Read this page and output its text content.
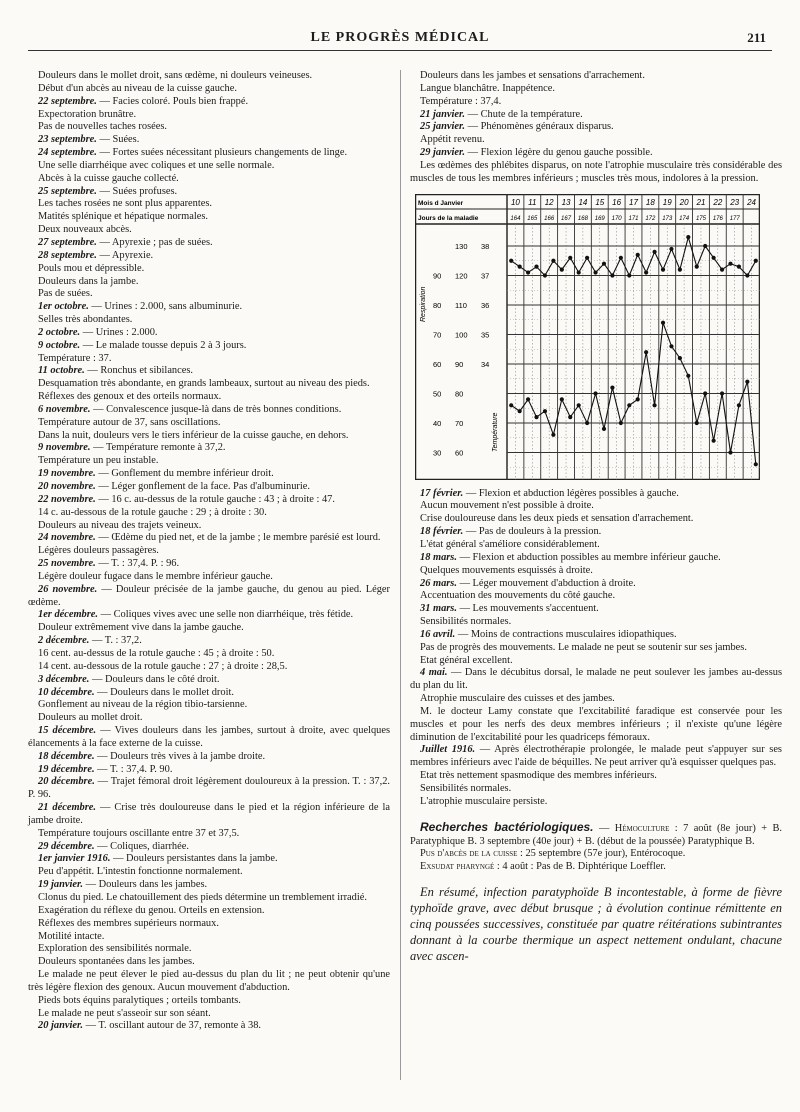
LE PROGRÈS MÉDICAL	211

Douleurs dans le mollet droit, sans œdème, ni douleurs veineuses.

Début d'un abcès au niveau de la cuisse gauche.

22 septembre. — Facies coloré. Pouls bien frappé.

Expectoration brunâtre.

Pas de nouvelles taches rosées.

23 septembre. — Suées.

24 septembre. — Fortes suées nécessitant plusieurs changements de linge.

Une selle diarrhéique avec coliques et une selle normale.

Abcès à la cuisse gauche collecté.

25 septembre. — Suées profuses.

Les taches rosées ne sont plus apparentes.

Matités splénique et hépatique normales.

Deux nouveaux abcès.

27 septembre. — Apyrexie ; pas de suées.

28 septembre. — Apyrexie.

Pouls mou et dépressible.

Douleurs dans la jambe.

Pas de suées.

1er octobre. — Urines : 2.000, sans albuminurie.

Selles très abondantes.

2 octobre. — Urines : 2.000.

9 octobre. — Le malade tousse depuis 2 à 3 jours.

Température : 37.

11 octobre. — Ronchus et sibilances.

Desquamation très abondante, en grands lambeaux, surtout au niveau des pieds.

Réflexes des genoux et des orteils normaux.

6 novembre. — Convalescence jusque-là dans de très bonnes conditions.

Température autour de 37, sans oscillations.

Dans la nuit, douleurs vers le tiers inférieur de la cuisse gauche, en dehors.

9 novembre. — Température remonte à 37,2.

Température un peu instable.

19 novembre. — Gonflement du membre inférieur droit.

20 novembre. — Léger gonflement de la face. Pas d'albuminurie.

22 novembre. — 16 c. au-dessus de la rotule gauche : 43 ; à droite : 47.

14 c. au-dessous de la rotule gauche : 29 ; à droite : 30.

Douleurs au niveau des trajets veineux.

24 novembre. — Œdème du pied net, et de la jambe ; le membre parésié est lourd.

Légères douleurs passagères.

25 novembre. — T. : 37,4. P. : 96.

Légère douleur fugace dans le membre inférieur gauche.

26 novembre. — Douleur précisée de la jambe gauche, du genou au pied. Léger œdème.

1er décembre. — Coliques vives avec une selle non diarrhéique, très fétide.

Douleur extrêmement vive dans la jambe gauche.

2 décembre. — T. : 37,2.

16 cent. au-dessus de la rotule gauche : 45 ; à droite : 50.

14 cent. au-dessous de la rotule gauche : 27 ; à droite : 28,5.

3 décembre. — Douleurs dans le côté droit.

10 décembre. — Douleurs dans le mollet droit.

Gonflement au niveau de la région tibio-tarsienne.

Douleurs au mollet droit.

15 décembre. — Vives douleurs dans les jambes, surtout à droite, avec quelques élancements à la face externe de la cuisse.

18 décembre. — Douleurs très vives à la jambe droite.

19 décembre. — T. : 37,4. P. 90.

20 décembre. — Trajet fémoral droit légèrement douloureux à la pression. T. : 37,2. P. 96.

21 décembre. — Crise très douloureuse dans le pied et la région inférieure de la jambe droite.

Température toujours oscillante entre 37 et 37,5.

29 décembre. — Coliques, diarrhée.

1er janvier 1916. — Douleurs persistantes dans la jambe.

Peu d'appétit. L'intestin fonctionne normalement.

19 janvier. — Douleurs dans les jambes.

Clonus du pied. Le chatouillement des pieds détermine un tremblement irradié.

Exagération du réflexe du genou. Orteils en extension.

Réflexes des membres supérieurs normaux.

Motilité intacte.

Exploration des sensibilités normale.

Douleurs spontanées dans les jambes.

Le malade ne peut élever le pied au-dessus du plan du lit ; ne peut obtenir qu'une très légère flexion des genoux. Aucun mouvement d'abduction.

Pieds bots équins paralytiques ; orteils tombants.

Le malade ne peut s'asseoir sur son séant.

20 janvier. — T. oscillant autour de 37, remonte à 38.

Douleurs dans les jambes et sensations d'arrachement.

Langue blanchâtre. Inappétence.

Température : 37,4.

21 janvier. — Chute de la température.

25 janvier. — Phénomènes généraux disparus.

Appétit revenu.

29 janvier. — Flexion légère du genou gauche possible.

Les œdèmes des phlébites disparus, on note l'atrophie musculaire très considérable des muscles de tous les membres inférieurs ; muscles très mous, indolores à la pression.

Mois d Janvier
Jours de la maladie
10
164
11
165
12
166
13
167
14
168
15
169
16
170
17
171
18
172
19
173
20
174
21
175
22
176
23
177
24
130 38
90 120 37
80 110 36
70 100 35
60 90 34
50 80
40 70
30 60
Respiration
Température

17 février. — Flexion et abduction légères possibles à gauche.

Aucun mouvement n'est possible à droite.

Crise douloureuse dans les deux pieds et sensation d'arrachement.

18 février. — Pas de douleurs à la pression.

L'état général s'améliore considérablement.

18 mars. — Flexion et abduction possibles au membre inférieur gauche.

Quelques mouvements esquissés à droite.

26 mars. — Léger mouvement d'abduction à droite.

Accentuation des mouvements du côté gauche.

31 mars. — Les mouvements s'accentuent.

Sensibilités normales.

16 avril. — Moins de contractions musculaires idiopathiques.

Pas de progrès des mouvements. Le malade ne peut se soutenir sur ses jambes.

Etat général excellent.

4 mai. — Dans le décubitus dorsal, le malade ne peut soulever les jambes au-dessus du plan du lit.

Atrophie musculaire des cuisses et des jambes.

M. le docteur Lamy constate que l'excitabilité faradique est conservée pour les muscles et pour les nerfs des deux membres inférieurs ; il n'existe qu'une légère diminution de l'excitabilité pour les quadriceps fémoraux.

Juillet 1916. — Après électrothérapie prolongée, le malade peut s'appuyer sur ses membres inférieurs avec l'aide de béquilles. Ne peut arriver qu'à esquisser quelques pas.

Etat très nettement spasmodique des membres inférieurs.

Sensibilités normales.

L'atrophie musculaire persiste.

Recherches bactériologiques. — Hémoculture : 7 août (8e jour) + B. Paratyphique B. 3 septembre (40e jour) + B. (début de la poussée) Paratyphique B.

Pus d'abcès de la cuisse : 25 septembre (57e jour), Entérocoque.

Exsudat pharyngé : 4 août : Pas de B. Diphtérique Loeffler.

En résumé, infection paratyphoïde B incontestable, à forme de fièvre typhoïde grave, avec début brusque ; à évolution continue rémittente en cinq poussées successives, constituée par quatre réitérations subintrantes donnant à la courbe thermique un aspect nettement ondulant, chacune avec ascen-
